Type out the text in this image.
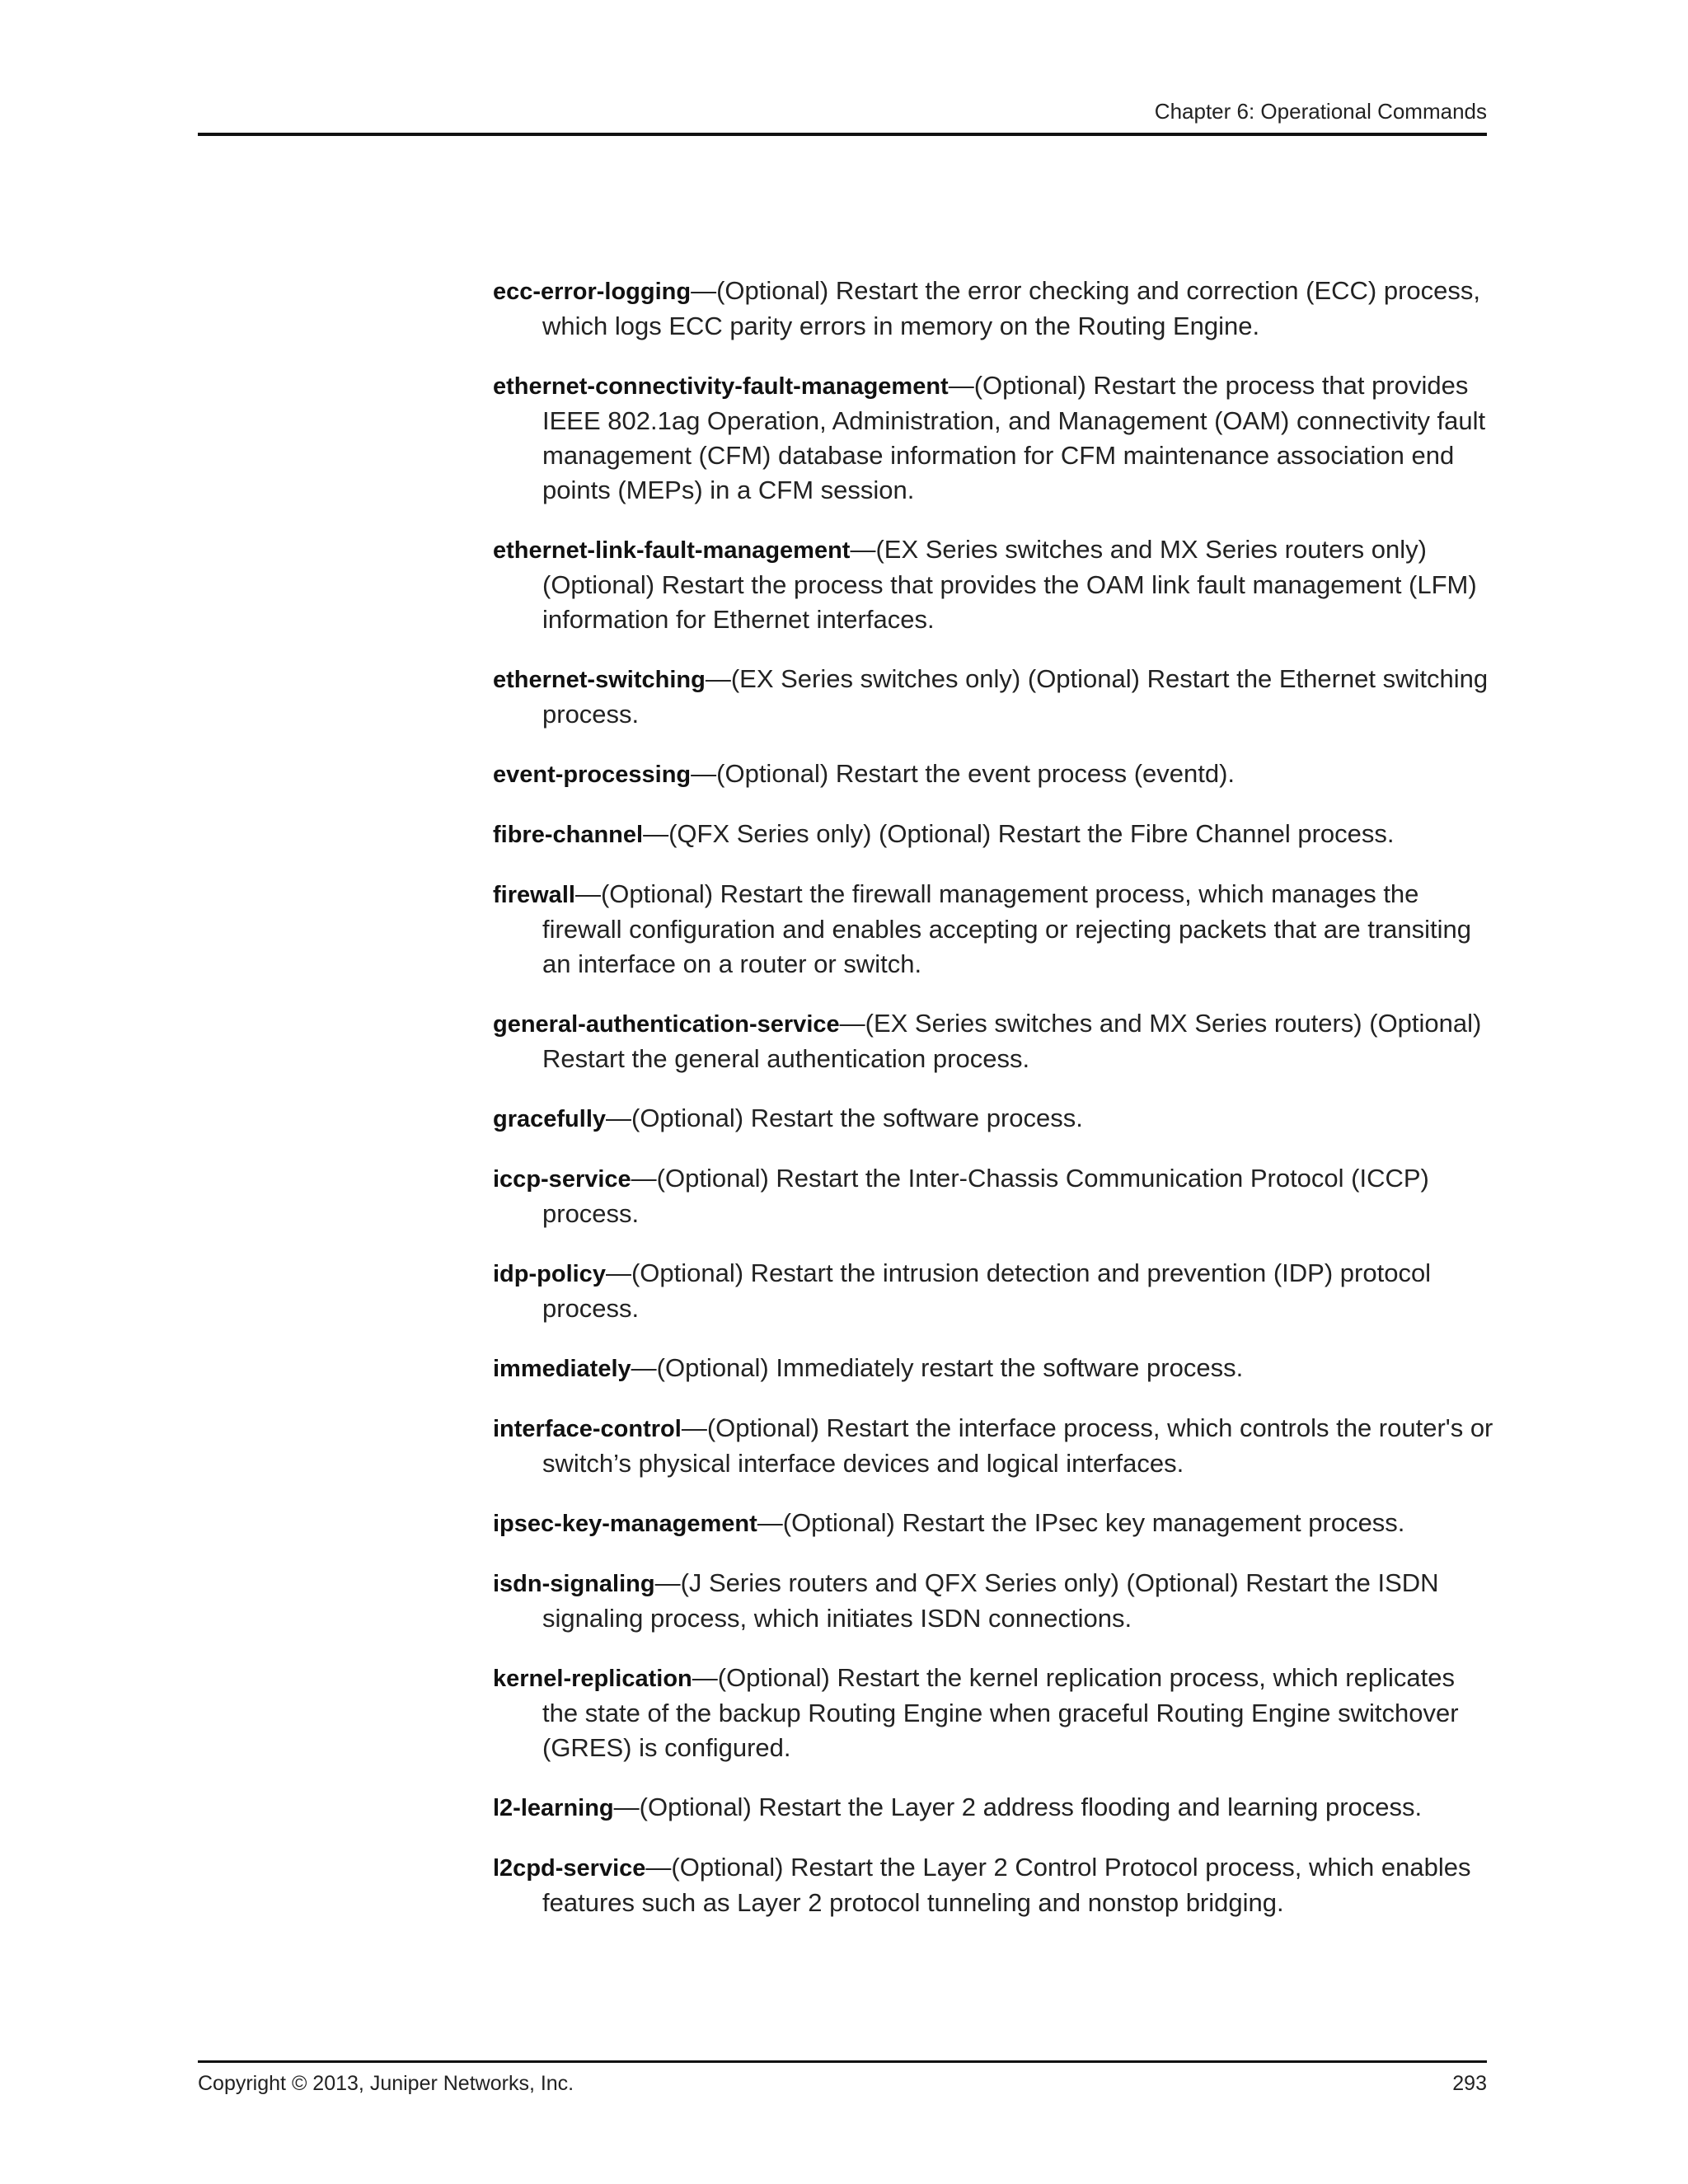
Chapter 6: Operational Commands

ecc-error-logging—(Optional) Restart the error checking and correction (ECC) process, which logs ECC parity errors in memory on the Routing Engine.

ethernet-connectivity-fault-management—(Optional) Restart the process that provides IEEE 802.1ag Operation, Administration, and Management (OAM) connectivity fault management (CFM) database information for CFM maintenance association end points (MEPs) in a CFM session.

ethernet-link-fault-management—(EX Series switches and MX Series routers only) (Optional) Restart the process that provides the OAM link fault management (LFM) information for Ethernet interfaces.

ethernet-switching—(EX Series switches only) (Optional) Restart the Ethernet switching process.

event-processing—(Optional) Restart the event process (eventd).

fibre-channel—(QFX Series only) (Optional) Restart the Fibre Channel process.

firewall—(Optional) Restart the firewall management process, which manages the firewall configuration and enables accepting or rejecting packets that are transiting an interface on a router or switch.

general-authentication-service—(EX Series switches and MX Series routers) (Optional) Restart the general authentication process.

gracefully—(Optional) Restart the software process.

iccp-service—(Optional) Restart the Inter-Chassis Communication Protocol (ICCP) process.

idp-policy—(Optional) Restart the intrusion detection and prevention (IDP) protocol process.

immediately—(Optional) Immediately restart the software process.

interface-control—(Optional) Restart the interface process, which controls the router's or switch’s physical interface devices and logical interfaces.

ipsec-key-management—(Optional) Restart the IPsec key management process.

isdn-signaling—(J Series routers and QFX Series only) (Optional) Restart the ISDN signaling process, which initiates ISDN connections.

kernel-replication—(Optional) Restart the kernel replication process, which replicates the state of the backup Routing Engine when graceful Routing Engine switchover (GRES) is configured.

l2-learning—(Optional) Restart the Layer 2 address flooding and learning process.

l2cpd-service—(Optional) Restart the Layer 2 Control Protocol process, which enables features such as Layer 2 protocol tunneling and nonstop bridging.

Copyright © 2013, Juniper Networks, Inc.	293
